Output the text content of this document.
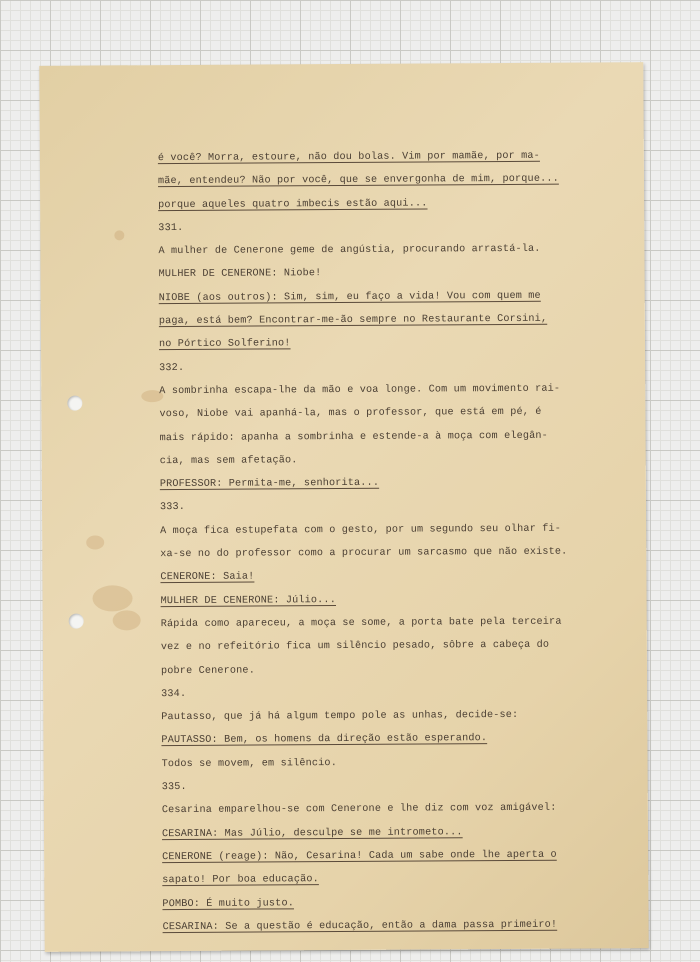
é você? Morra, estoure, não dou bolas. Vim por mamãe, por ma-
mãe, entendeu? Não por você, que se envergonha de mim, porque...
porque aqueles quatro imbecis estão aqui...
331.
A mulher de Cenerone geme de angústia, procurando arrastá-la.
MULHER DE CENERONE: Niobe!
NIOBE (aos outros): Sim, sim, eu faço a vida! Vou com quem me
paga, está bem? Encontrar-me-ão sempre no Restaurante Corsini,
no Pórtico Solferino!
332.
A sombrinha escapa-lhe da mão e voa longe. Com um movimento rai-
voso, Niobe vai apanhá-la, mas o professor, que está em pé, é
mais rápido: apanha a sombrinha e estende-a à moça com elegân-
cia, mas sem afetação.
PROFESSOR: Permita-me, senhorita...
333.
A moça fica estupefata com o gesto, por um segundo seu olhar fi-
xa-se no do professor como a procurar um sarcasmo que não existe.
CENERONE: Saia!
MULHER DE CENERONE: Júlio...
Rápida como apareceu, a moça se some, a porta bate pela terceira
vez e no refeitório fica um silêncio pesado, sôbre a cabeça do
pobre Cenerone.
334.
Pautasso, que já há algum tempo pole as unhas, decide-se:
PAUTASSO: Bem, os homens da direção estão esperando.
Todos se movem, em silêncio.
335.
Cesarina emparelhou-se com Cenerone e lhe diz com voz amigável:
CESARINA: Mas Júlio, desculpe se me intrometo...
CENERONE (reage): Não, Cesarina! Cada um sabe onde lhe aperta o
sapato! Por boa educação.
POMBO: É muito justo.
CESARINA: Se a questão é educação, então a dama passa primeiro!
